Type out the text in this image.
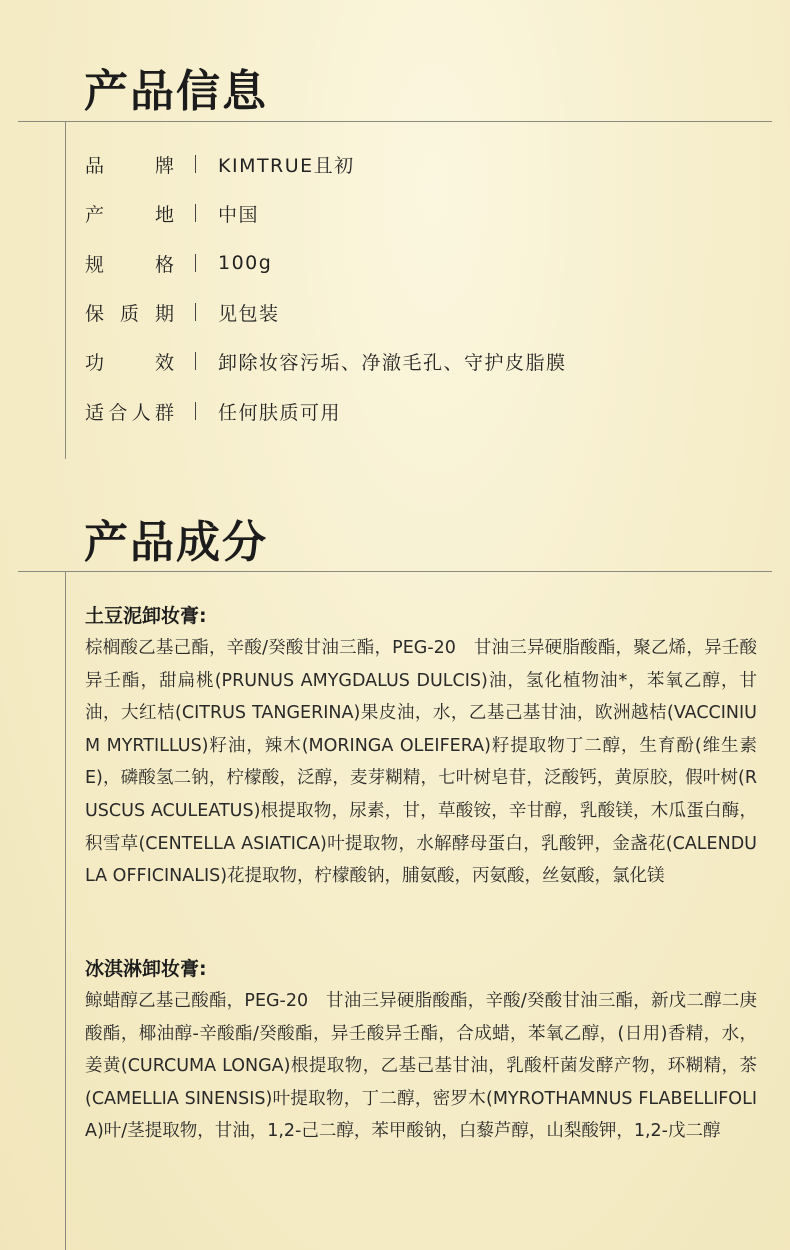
产品信息
品	牌 KIMTRUE且初
产	地 中国
规	格 100g
保 质 期 见包装
功	效 卸除妆容污垢、净澈毛孔、守护皮脂膜
适 合 人 群 任何肤质可用
产品成分
土豆泥卸妆膏:
棕榈酸乙基己酯，辛酸/癸酸甘油三酯，PEG-20　甘油三异硬脂酸酯，聚乙烯，异壬酸异壬酯，甜扁桃(PRUNUS AMYGDALUS DULCIS)油，氢化植物油*，苯氧乙醇，甘油，大红桔(CITRUS TANGERINA)果皮油，水，乙基己基甘油，欧洲越桔(VACCINIUM MYRTILLUS)籽油，辣木(MORINGA OLEIFERA)籽提取物丁二醇，生育酚(维生素E)，磷酸氢二钠，柠檬酸，泛醇，麦芽糊精，七叶树皂苷，泛酸钙，黄原胶，假叶树(RUSCUS ACULEATUS)根提取物，尿素，甘，草酸铵，辛甘醇，乳酸镁，木瓜蛋白酶，积雪草(CENTELLA ASIATICA)叶提取物，水解酵母蛋白，乳酸钾，金盏花(CALENDULA OFFICINALIS)花提取物，柠檬酸钠，脯氨酸，丙氨酸，丝氨酸，氯化镁
冰淇淋卸妆膏:
鲸蜡醇乙基己酸酯，PEG-20　甘油三异硬脂酸酯，辛酸/癸酸甘油三酯，新戊二醇二庚酸酯，椰油醇-辛酸酯/癸酸酯，异壬酸异壬酯，合成蜡，苯氧乙醇，(日用)香精，水，姜黄(CURCUMA LONGA)根提取物，乙基己基甘油，乳酸杆菌发酵产物，环糊精，茶(CAMELLIA SINENSIS)叶提取物，丁二醇，密罗木(MYROTHAMNUS FLABELLIFOLIA)叶/茎提取物，甘油，1,2-己二醇，苯甲酸钠，白藜芦醇，山梨酸钾，1,2-戊二醇
